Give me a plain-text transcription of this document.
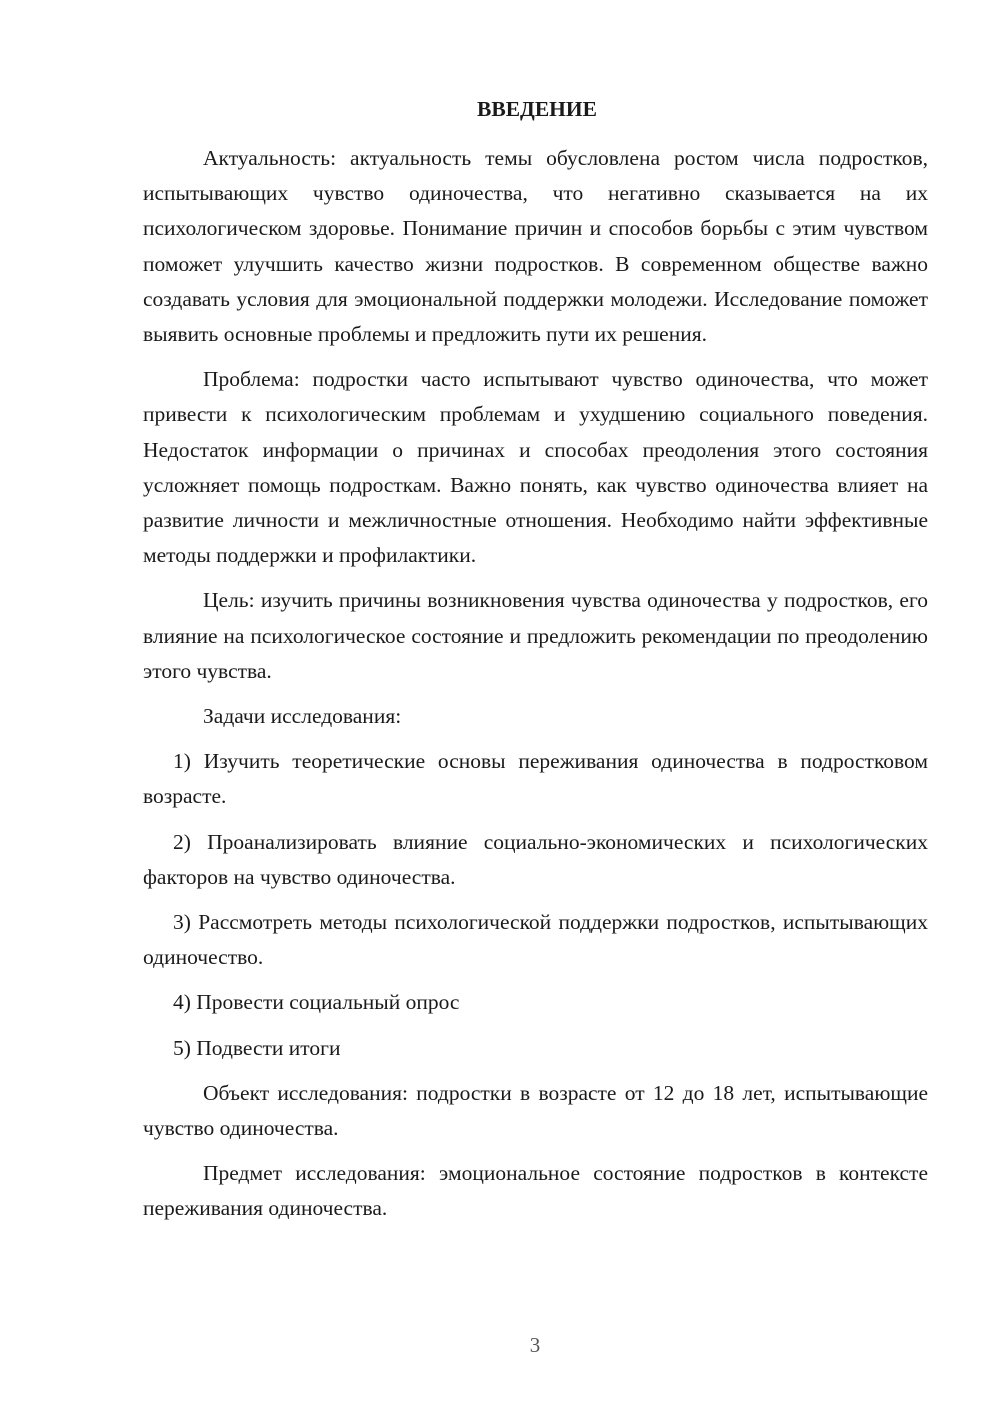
ВВЕДЕНИЕ

Актуальность: актуальность темы обусловлена ростом числа подростков, испытывающих чувство одиночества, что негативно сказывается на их психологическом здоровье. Понимание причин и способов борьбы с этим чувством поможет улучшить качество жизни подростков. В современном обществе важно создавать условия для эмоциональной поддержки молодежи. Исследование поможет выявить основные проблемы и предложить пути их решения.

Проблема: подростки часто испытывают чувство одиночества, что может привести к психологическим проблемам и ухудшению социального поведения. Недостаток информации о причинах и способах преодоления этого состояния усложняет помощь подросткам. Важно понять, как чувство одиночества влияет на развитие личности и межличностные отношения. Необходимо найти эффективные методы поддержки и профилактики.

Цель: изучить причины возникновения чувства одиночества у подростков, его влияние на психологическое состояние и предложить рекомендации по преодолению этого чувства.

Задачи исследования:

1) Изучить теоретические основы переживания одиночества в подростковом возрасте.

2) Проанализировать влияние социально-экономических и психологических факторов на чувство одиночества.

3) Рассмотреть методы психологической поддержки подростков, испытывающих одиночество.

4) Провести социальный опрос

5) Подвести итоги

Объект исследования: подростки в возрасте от 12 до 18 лет, испытывающие чувство одиночества.

Предмет исследования: эмоциональное состояние подростков в контексте переживания одиночества.

3
